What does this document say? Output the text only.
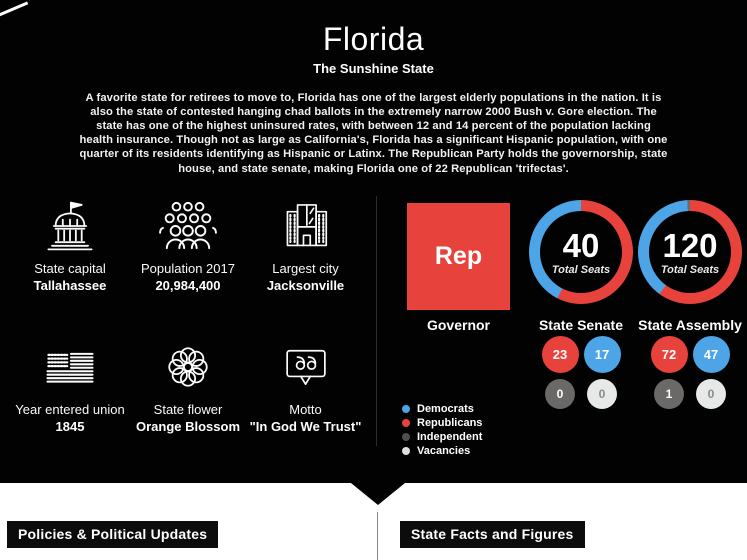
Florida
The Sunshine State

A favorite state for retirees to move to, Florida has one of the largest elderly populations in the nation. It is also the state of contested hanging chad ballots in the extremely narrow 2000 Bush v. Gore election. The state has one of the highest uninsured rates, with between 12 and 14 percent of the population lacking health insurance. Though not as large as California's, Florida has a significant Hispanic population, with one quarter of its residents identifying as Hispanic or Latinx. The Republican Party holds the governorship, state house, and state senate, making Florida one of 22 Republican 'trifectas'.

State capital
Tallahassee
Population 2017
20,984,400
Largest city
Jacksonville
Year entered union
1845
State flower
Orange Blossom
Motto
"In God We Trust"
Rep
Governor
40
Total Seats
State Senate
120
Total Seats
State Assembly
23	17
0	0
72	47
1	0
Democrats
Republicans
Independent
Vacancies
Policies & Political Updates	State Facts and Figures
